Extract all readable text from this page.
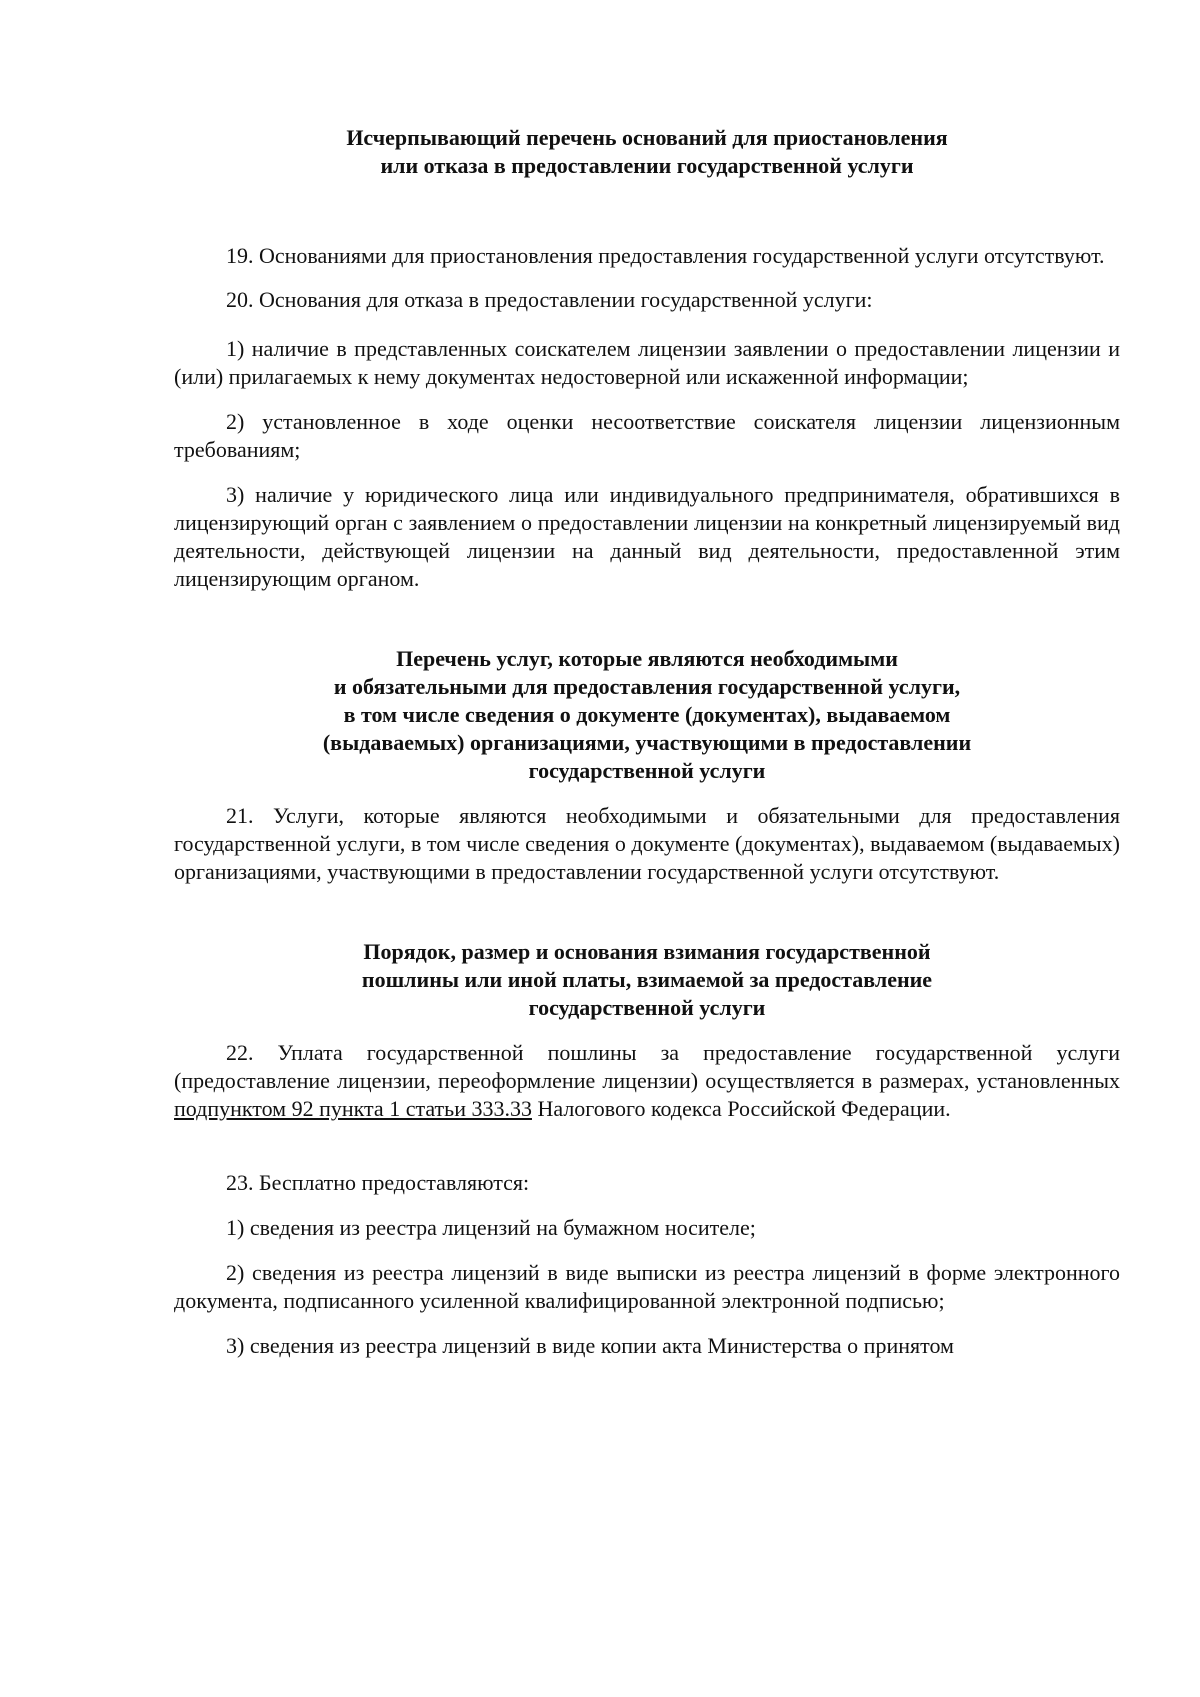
Исчерпывающий перечень оснований для приостановления
или отказа в предоставлении государственной услуги

19. Основаниями для приостановления предоставления государственной услуги отсутствуют.

20. Основания для отказа в предоставлении государственной услуги:

1) наличие в представленных соискателем лицензии заявлении о предоставлении лицензии и (или) прилагаемых к нему документах недостоверной или искаженной информации;

2) установленное в ходе оценки несоответствие соискателя лицензии лицензионным требованиям;

3) наличие у юридического лица или индивидуального предпринимателя, обратившихся в лицензирующий орган с заявлением о предоставлении лицензии на конкретный лицензируемый вид деятельности, действующей лицензии на данный вид деятельности, предоставленной этим лицензирующим органом.

Перечень услуг, которые являются необходимыми
и обязательными для предоставления государственной услуги,
в том числе сведения о документе (документах), выдаваемом
(выдаваемых) организациями, участвующими в предоставлении
государственной услуги

21. Услуги, которые являются необходимыми и обязательными для предоставления государственной услуги, в том числе сведения о документе (документах), выдаваемом (выдаваемых) организациями, участвующими в предоставлении государственной услуги отсутствуют.

Порядок, размер и основания взимания государственной
пошлины или иной платы, взимаемой за предоставление
государственной услуги

22. Уплата государственной пошлины за предоставление государственной услуги (предоставление лицензии, переоформление лицензии) осуществляется в размерах, установленных подпунктом 92 пункта 1 статьи 333.33 Налогового кодекса Российской Федерации.

23. Бесплатно предоставляются:

1) сведения из реестра лицензий на бумажном носителе;

2) сведения из реестра лицензий в виде выписки из реестра лицензий в форме электронного документа, подписанного усиленной квалифицированной электронной подписью;

3) сведения из реестра лицензий в виде копии акта Министерства о принятом
